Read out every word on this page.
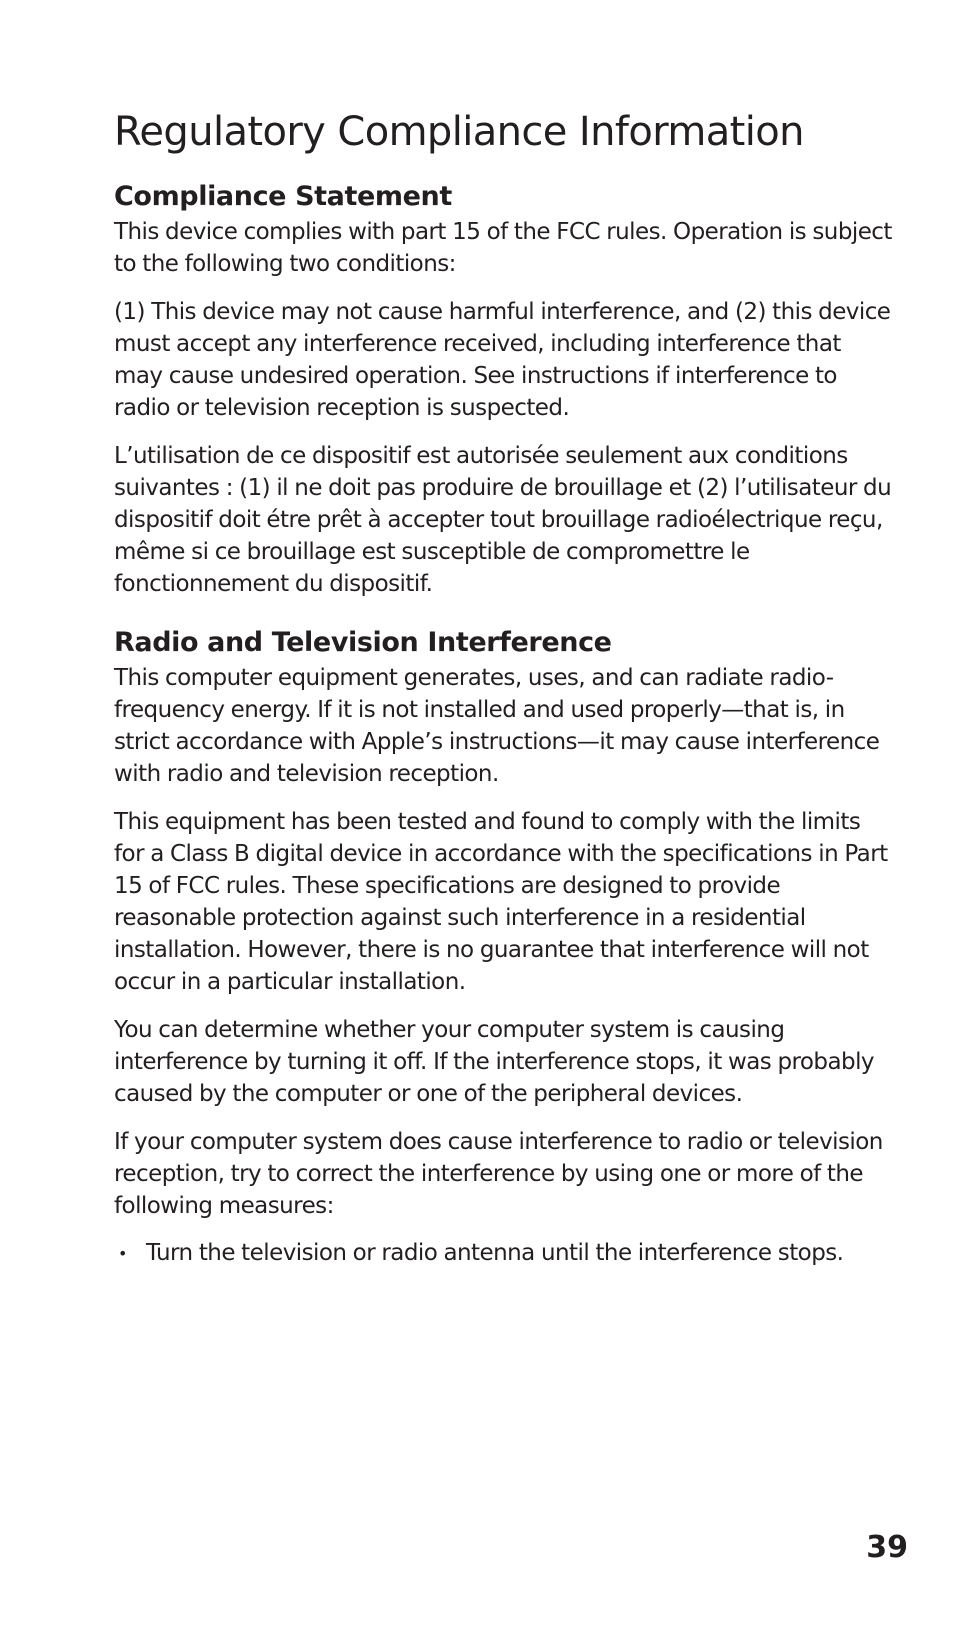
Regulatory Compliance Information
Compliance Statement

This device complies with part 15 of the FCC rules. Operation is subject to the following two conditions:

(1) This device may not cause harmful interference, and (2) this device must accept any interference received, including interference that may cause undesired operation. See instructions if interference to radio or television reception is suspected.

L’utilisation de ce dispositif est autorisée seulement aux conditions suivantes : (1) il ne doit pas produire de brouillage et (2) l’utilisateur du dispositif doit étre prêt à accepter tout brouillage radioélectrique reçu, même si ce brouillage est susceptible de compromettre le fonctionnement du dispositif.

Radio and Television Interference

This computer equipment generates, uses, and can radiate radio-frequency energy. If it is not installed and used properly—that is, in strict accordance with Apple’s instructions—it may cause interference with radio and television reception.

This equipment has been tested and found to comply with the limits for a Class B digital device in accordance with the specifications in Part 15 of FCC rules. These specifications are designed to provide reasonable protection against such interference in a residential installation. However, there is no guarantee that interference will not occur in a particular installation.

You can determine whether your computer system is causing interference by turning it off. If the interference stops, it was probably caused by the computer or one of the peripheral devices.

If your computer system does cause interference to radio or television reception, try to correct the interference by using one or more of the following measures:

• Turn the television or radio antenna until the interference stops.
39
